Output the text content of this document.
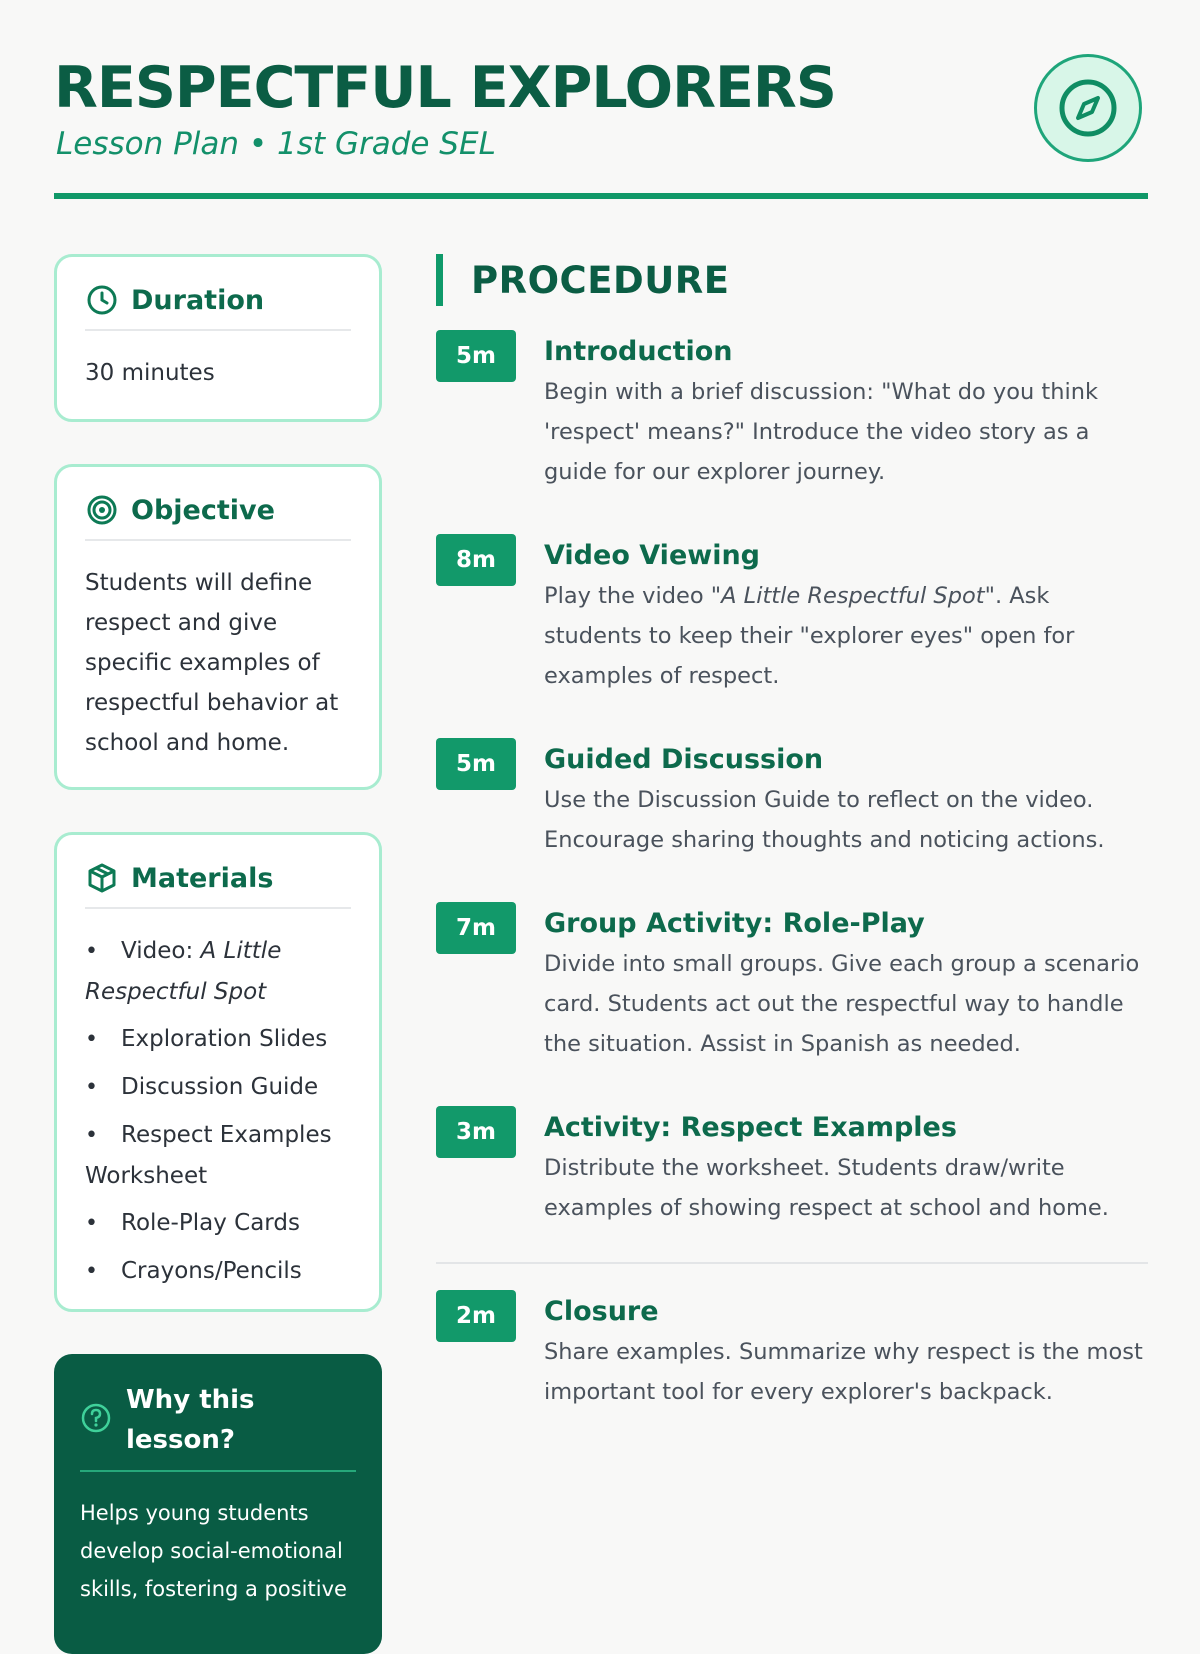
RESPECTFUL EXPLORERS
Lesson Plan • 1st Grade SEL
Duration
30 minutes
Objective
Students will define respect and give specific examples of respectful behavior at school and home.
Materials
• Video: A Little Respectful Spot
• Exploration Slides
• Discussion Guide
• Respect Examples Worksheet
• Role-Play Cards
• Crayons/Pencils
Why this lesson?
Helps young students develop social-emotional skills, fostering a positive
PROCEDURE
5m	Introduction
Begin with a brief discussion: "What do you think 'respect' means?" Introduce the video story as a guide for our explorer journey.
8m	Video Viewing
Play the video "A Little Respectful Spot". Ask students to keep their "explorer eyes" open for examples of respect.
5m	Guided Discussion
Use the Discussion Guide to reflect on the video. Encourage sharing thoughts and noticing actions.
7m	Group Activity: Role-Play
Divide into small groups. Give each group a scenario card. Students act out the respectful way to handle the situation. Assist in Spanish as needed.
3m	Activity: Respect Examples
Distribute the worksheet. Students draw/write examples of showing respect at school and home.
2m	Closure
Share examples. Summarize why respect is the most important tool for every explorer's backpack.
